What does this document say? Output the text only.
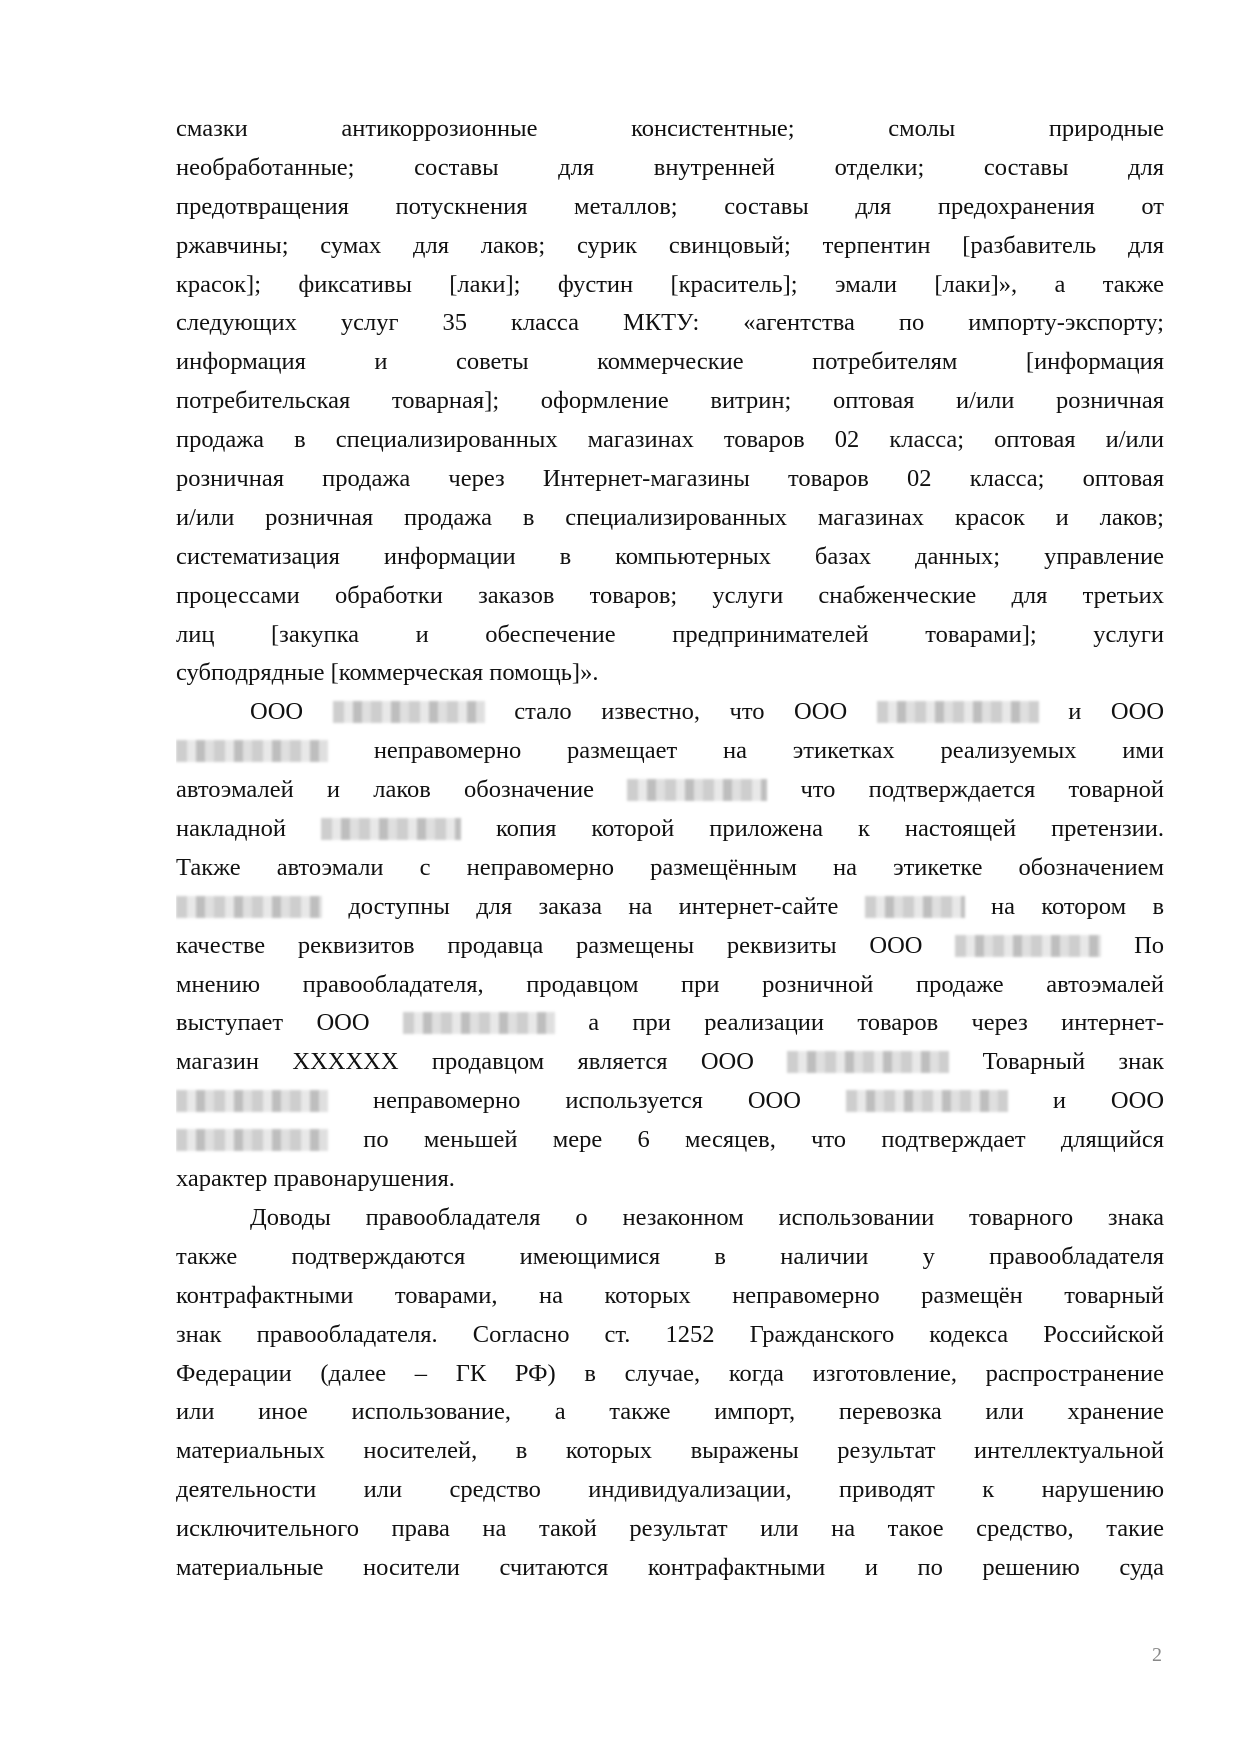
смазки антикоррозионные консистентные; смолы природные
необработанные; составы для внутренней отделки; составы для
предотвращения потускнения металлов; составы для предохранения от
ржавчины; сумах для лаков; сурик свинцовый; терпентин [разбавитель для
красок]; фиксативы [лаки]; фустин [краситель]; эмали [лаки]», а также
следующих услуг 35 класса МКТУ: «агентства по импорту-экспорту;
информация и советы коммерческие потребителям [информация
потребительская товарная]; оформление витрин; оптовая и/или розничная
продажа в специализированных магазинах товаров 02 класса; оптовая и/или
розничная продажа через Интернет-магазины товаров 02 класса; оптовая
и/или розничная продажа в специализированных магазинах красок и лаков;
систематизация информации в компьютерных базах данных; управление
процессами обработки заказов товаров; услуги снабженческие для третьих
лиц [закупка и обеспечение предпринимателей товарами]; услуги
субподрядные [коммерческая помощь]».
ООО	стало известно, что ООО	и ООО
неправомерно размещает на этикетках реализуемых ими
автоэмалей и лаков обозначение	что подтверждается товарной
накладной	копия которой приложена к настоящей претензии.
Также автоэмали с неправомерно размещённым на этикетке обозначением
доступны для заказа на интернет-сайте	на котором в
качестве реквизитов продавца размещены реквизиты ООО	По
мнению правообладателя, продавцом при розничной продаже автоэмалей
выступает ООО	а при реализации товаров через интернет-
магазин XXXXXX продавцом является ООО	Товарный знак
неправомерно используется ООО	и ООО
по меньшей мере 6 месяцев, что подтверждает длящийся
характер правонарушения.
Доводы правообладателя о незаконном использовании товарного знака
также подтверждаются имеющимися в наличии у правообладателя
контрафактными товарами, на которых неправомерно размещён товарный
знак правообладателя. Согласно ст. 1252 Гражданского кодекса Российской
Федерации (далее – ГК РФ) в случае, когда изготовление, распространение
или иное использование, а также импорт, перевозка или хранение
материальных носителей, в которых выражены результат интеллектуальной
деятельности или средство индивидуализации, приводят к нарушению
исключительного права на такой результат или на такое средство, такие
материальные носители считаются контрафактными и по решению суда
2
